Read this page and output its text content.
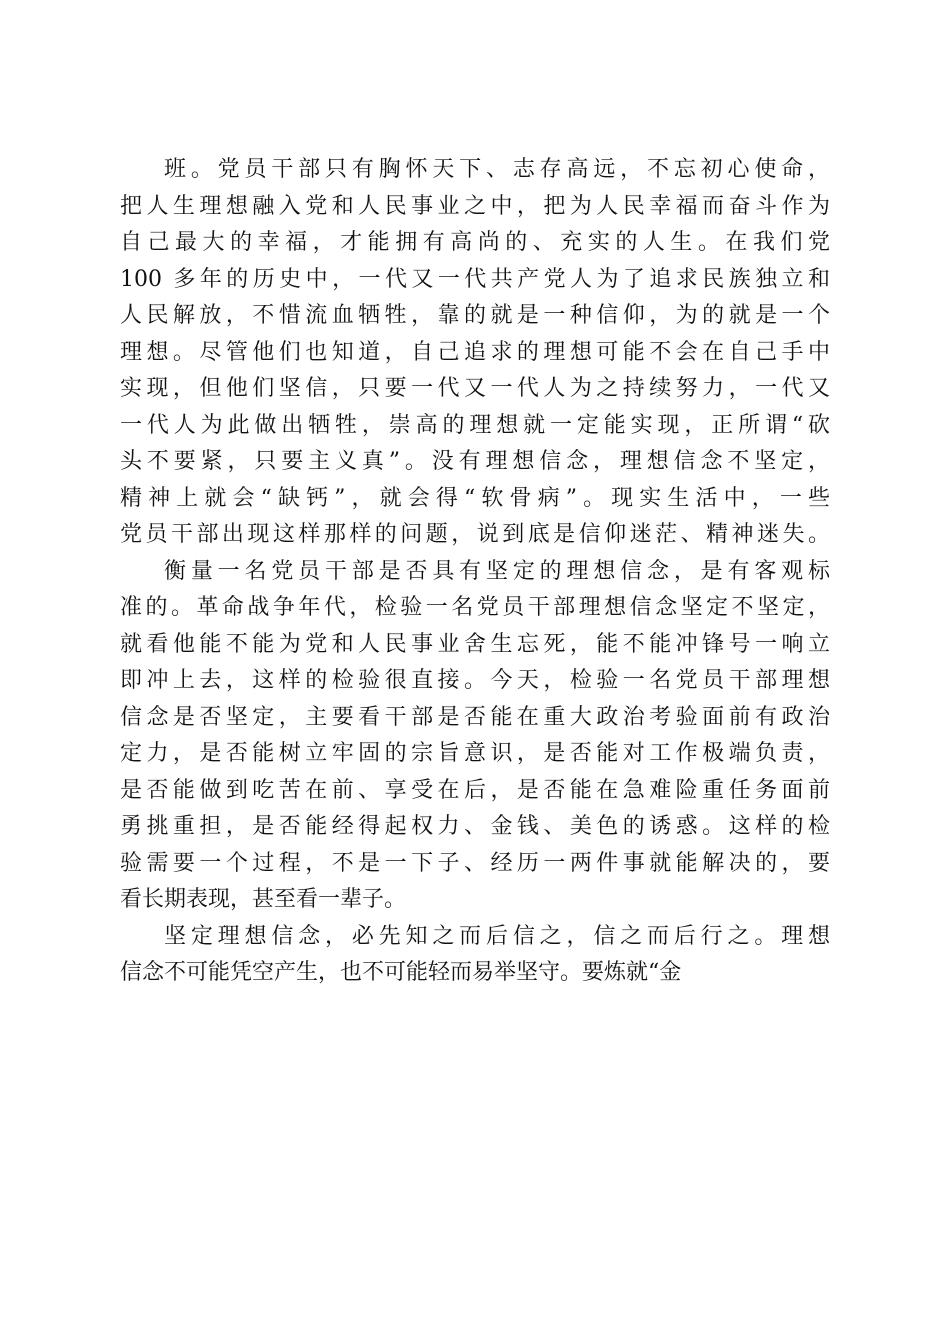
班。党员干部只有胸怀天下、志存高远，不忘初心使命，
把人生理想融入党和人民事业之中，把为人民幸福而奋斗作为
自己最大的幸福，才能拥有高尚的、充实的人生。在我们党
100 多年的历史中，一代又一代共产党人为了追求民族独立和
人民解放，不惜流血牺牲，靠的就是一种信仰，为的就是一个
理想。尽管他们也知道，自己追求的理想可能不会在自己手中
实现，但他们坚信，只要一代又一代人为之持续努力，一代又
一代人为此做出牺牲，崇高的理想就一定能实现，正所谓“砍
头不要紧，只要主义真”。没有理想信念，理想信念不坚定，
精神上就会“缺钙”，就会得“软骨病”。现实生活中，一些
党员干部出现这样那样的问题，说到底是信仰迷茫、精神迷失。
衡量一名党员干部是否具有坚定的理想信念，是有客观标
准的。革命战争年代，检验一名党员干部理想信念坚定不坚定，
就看他能不能为党和人民事业舍生忘死，能不能冲锋号一响立
即冲上去，这样的检验很直接。今天，检验一名党员干部理想
信念是否坚定，主要看干部是否能在重大政治考验面前有政治
定力，是否能树立牢固的宗旨意识，是否能对工作极端负责，
是否能做到吃苦在前、享受在后，是否能在急难险重任务面前
勇挑重担，是否能经得起权力、金钱、美色的诱惑。这样的检
验需要一个过程，不是一下子、经历一两件事就能解决的，要
看长期表现，甚至看一辈子。
坚定理想信念，必先知之而后信之，信之而后行之。理想
信念不可能凭空产生，也不可能轻而易举坚守。要炼就“金
